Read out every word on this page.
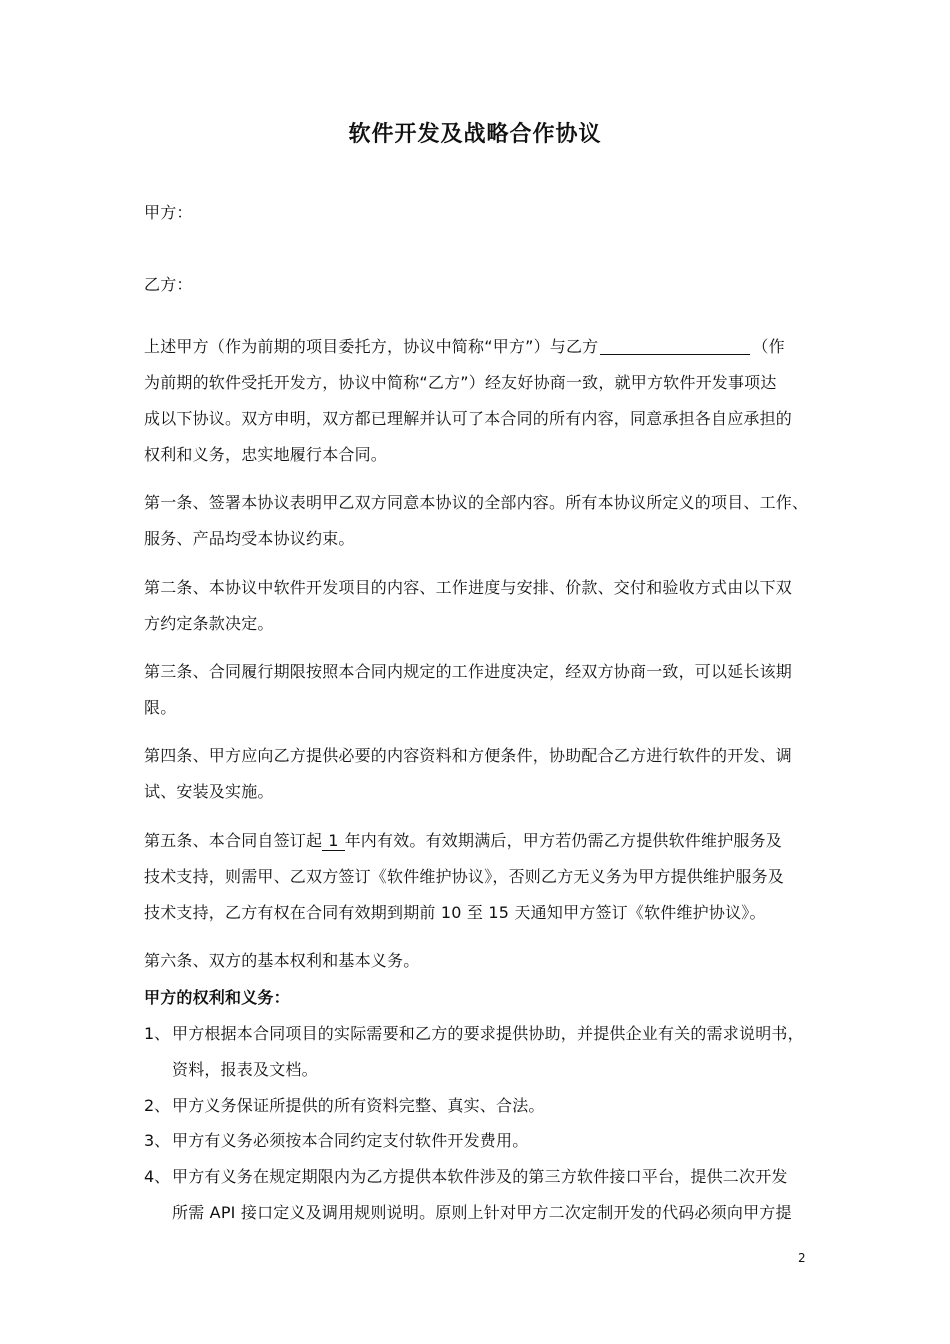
软件开发及战略合作协议
甲方：
乙方：
上述甲方（作为前期的项目委托方，协议中简称“甲方”）与乙方	（作
为前期的软件受托开发方，协议中简称“乙方”）经友好协商一致，就甲方软件开发事项达
成以下协议。双方申明，双方都已理解并认可了本合同的所有内容，同意承担各自应承担的
权利和义务，忠实地履行本合同。
第一条、签署本协议表明甲乙双方同意本协议的全部内容。所有本协议所定义的项目、工作、
服务、产品均受本协议约束。
第二条、本协议中软件开发项目的内容、工作进度与安排、价款、交付和验收方式由以下双
方约定条款决定。
第三条、合同履行期限按照本合同内规定的工作进度决定，经双方协商一致，可以延长该期
限。
第四条、甲方应向乙方提供必要的内容资料和方便条件，协助配合乙方进行软件的开发、调
试、安装及实施。
第五条、本合同自签订起 1 年内有效。有效期满后，甲方若仍需乙方提供软件维护服务及
技术支持，则需甲、乙双方签订《软件维护协议》，否则乙方无义务为甲方提供维护服务及
技术支持，乙方有权在合同有效期到期前 10 至 15 天通知甲方签订《软件维护协议》。
第六条、双方的基本权利和基本义务。
甲方的权利和义务：
1、 甲方根据本合同项目的实际需要和乙方的要求提供协助，并提供企业有关的需求说明书，
资料，报表及文档。
2、 甲方义务保证所提供的所有资料完整、真实、合法。
3、 甲方有义务必须按本合同约定支付软件开发费用。
4、 甲方有义务在规定期限内为乙方提供本软件涉及的第三方软件接口平台，提供二次开发
所需 API 接口定义及调用规则说明。原则上针对甲方二次定制开发的代码必须向甲方提
2
